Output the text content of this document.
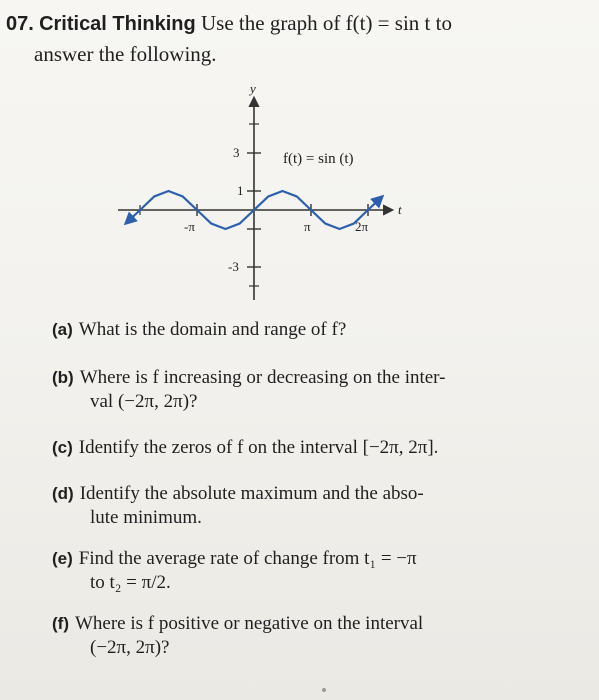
07. Critical Thinking Use the graph of f(t) = sin t to
answer the following.
y
t
3
1
-3
-π	π	2π
f(t) = sin (t)
(a) What is the domain and range of f?
(b) Where is f increasing or decreasing on the inter-
val (−2π, 2π)?
(c) Identify the zeros of f on the interval [−2π, 2π].
(d) Identify the absolute maximum and the abso-
lute minimum.
(e) Find the average rate of change from t₁ = −π
to t₂ = π/2.
(f) Where is f positive or negative on the interval
(−2π, 2π)?
